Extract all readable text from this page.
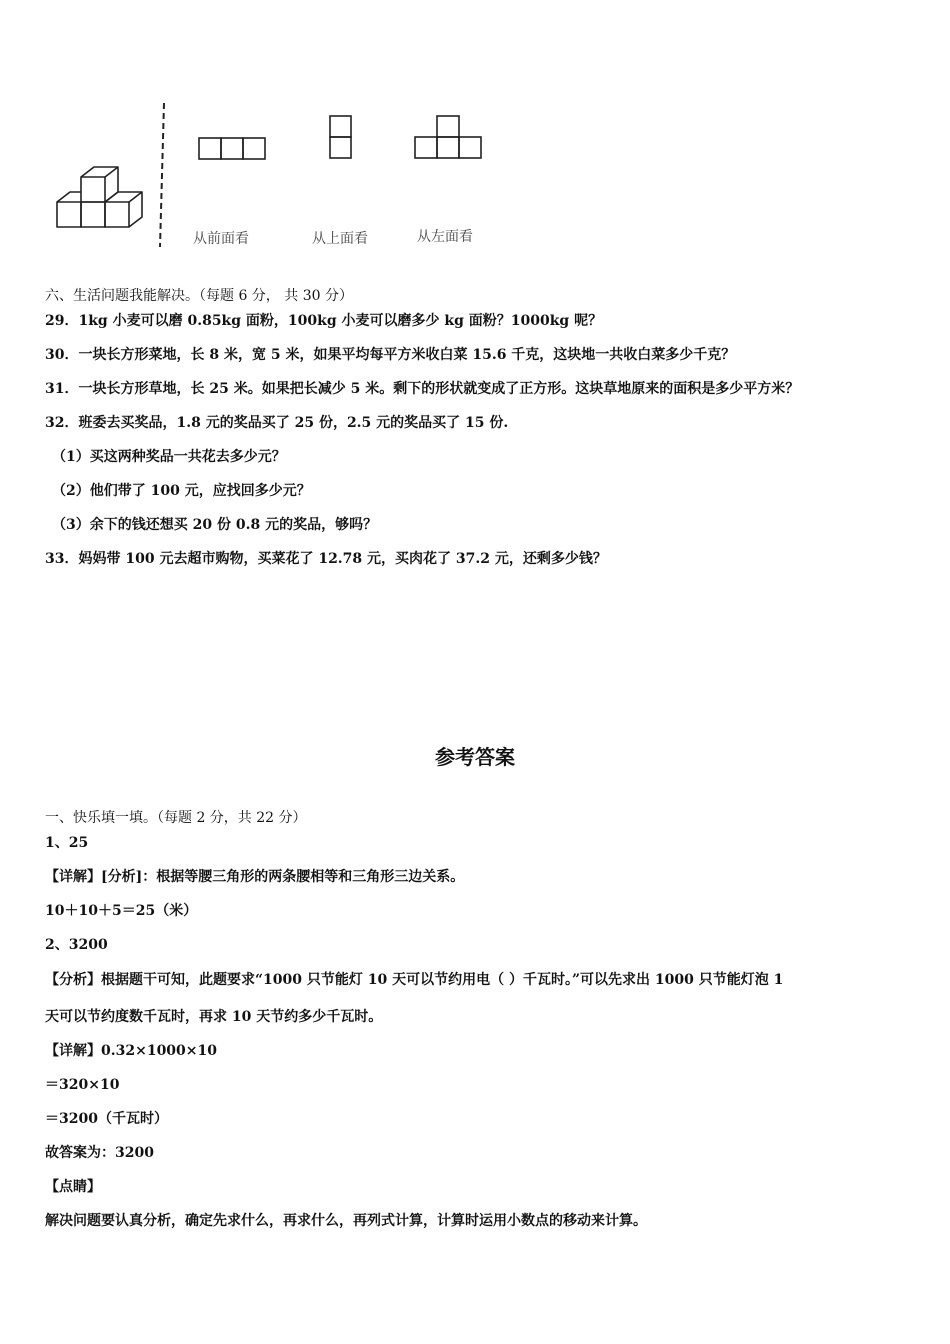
从前面看	从上面看	从左面看
六、生活问题我能解决。（每题 6 分， 共 30 分）
29．1kg 小麦可以磨 0.85kg 面粉，100kg 小麦可以磨多少 kg 面粉？1000kg 呢？
30．一块长方形菜地，长 8 米，宽 5 米，如果平均每平方米收白菜 15.6 千克，这块地一共收白菜多少千克？
31．一块长方形草地，长 25 米。如果把长减少 5 米。剩下的形状就变成了正方形。这块草地原来的面积是多少平方米？
32．班委去买奖品，1.8 元的奖品买了 25 份，2.5 元的奖品买了 15 份.
（1）买这两种奖品一共花去多少元？
（2）他们带了 100 元，应找回多少元？
（3）余下的钱还想买 20 份 0.8 元的奖品，够吗？
33．妈妈带 100 元去超市购物，买菜花了 12.78 元，买肉花了 37.2 元，还剩多少钱？
参考答案
一、快乐填一填。（每题 2 分，共 22 分）
1、25
【详解】[分析]：根据等腰三角形的两条腰相等和三角形三边关系。
10＋10＋5＝25（米）
2、3200
【分析】根据题干可知，此题要求“1000 只节能灯 10 天可以节约用电（ ）千瓦时。”可以先求出 1000 只节能灯泡 1
天可以节约度数千瓦时，再求 10 天节约多少千瓦时。
【详解】0.32×1000×10
＝320×10
＝3200（千瓦时）
故答案为：3200
【点睛】
解决问题要认真分析，确定先求什么，再求什么，再列式计算，计算时运用小数点的移动来计算。
